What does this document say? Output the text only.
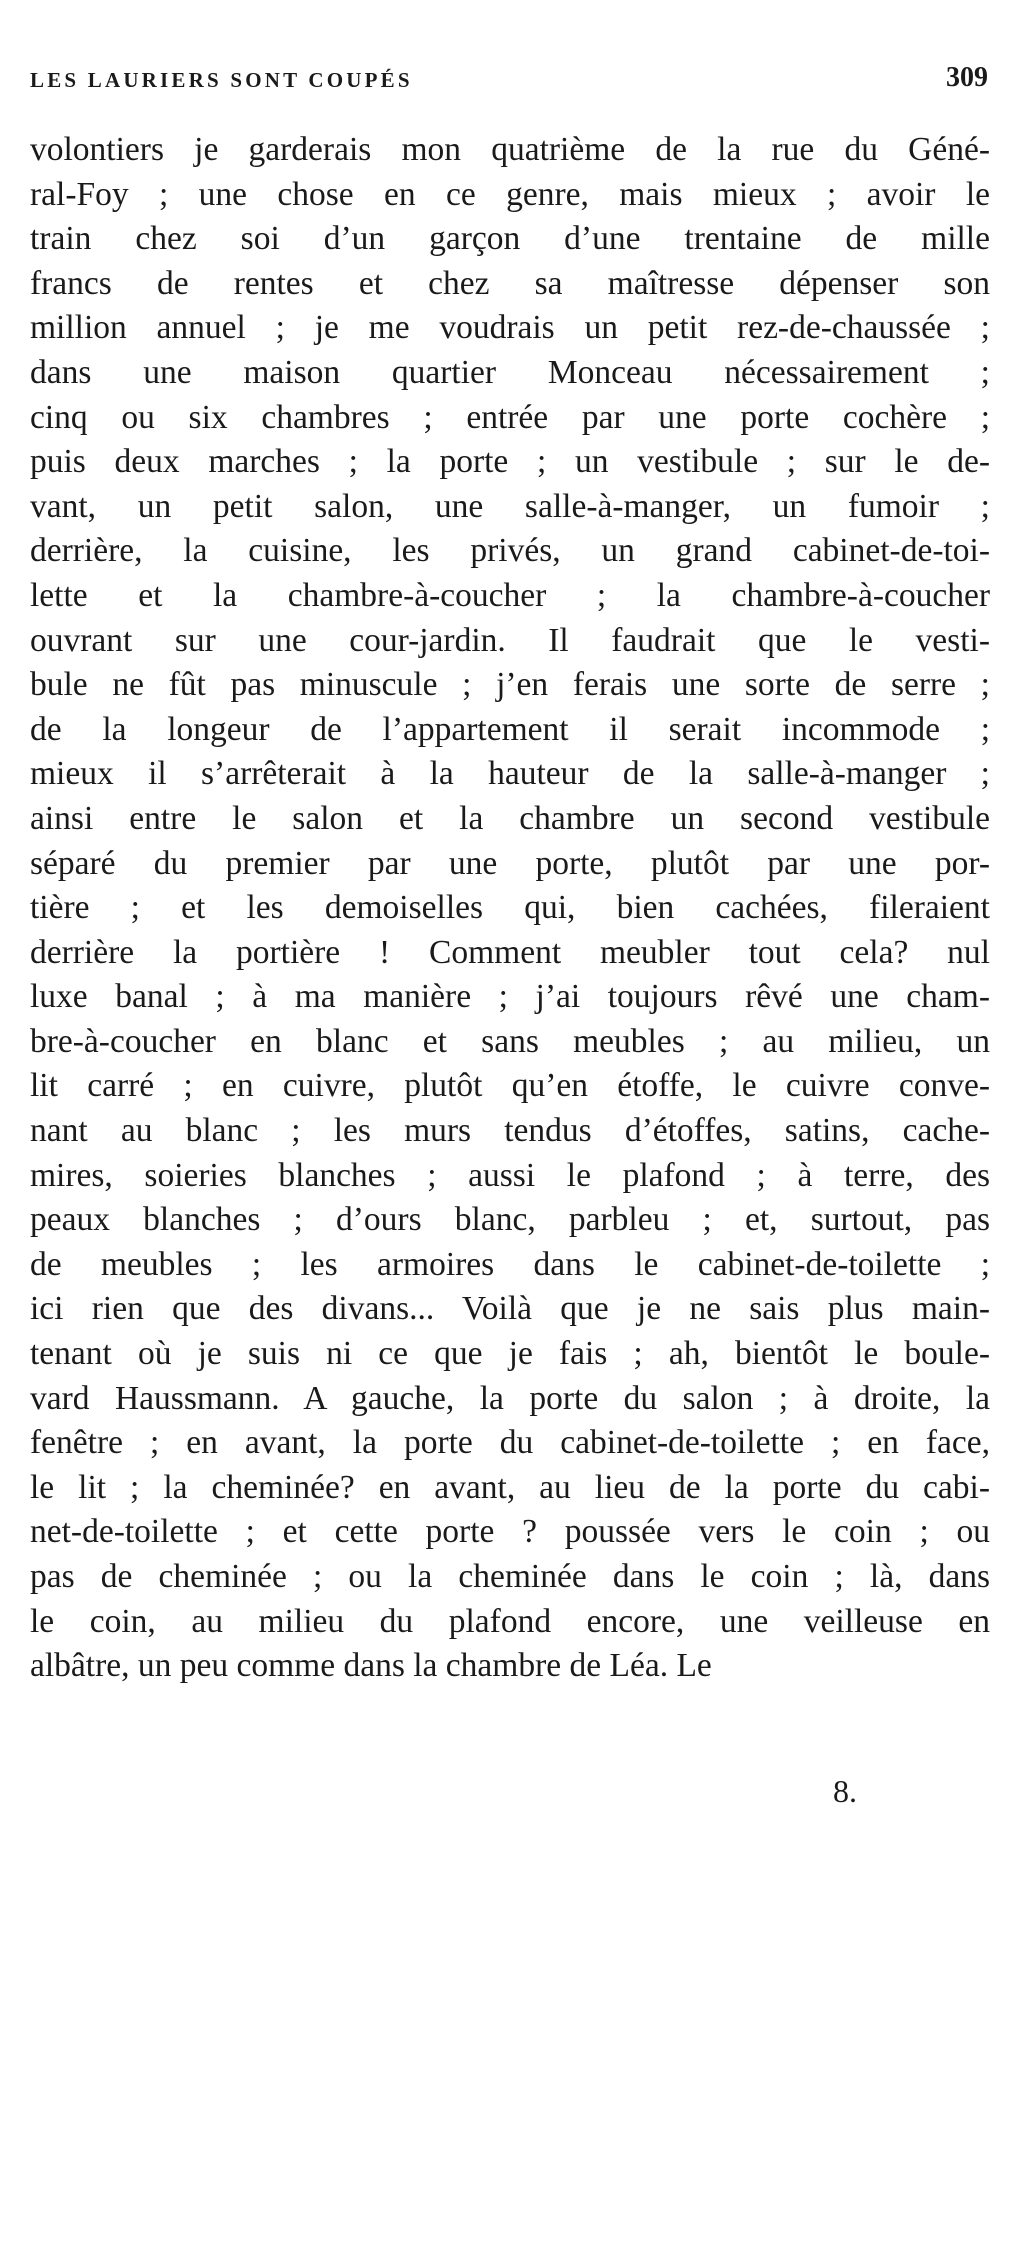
LES LAURIERS SONT COUPÉS	309
volontiers je garderais mon quatrième de la rue du Géné-
ral-Foy ; une chose en ce genre, mais mieux ; avoir le
train chez soi d’un garçon d’une trentaine de mille
francs de rentes et chez sa maîtresse dépenser son
million annuel ; je me voudrais un petit rez-de-chaussée ;
dans une maison quartier Monceau nécessairement ;
cinq ou six chambres ; entrée par une porte cochère ;
puis deux marches ; la porte ; un vestibule ; sur le de-
vant, un petit salon, une salle-à-manger, un fumoir ;
derrière, la cuisine, les privés, un grand cabinet-de-toi-
lette et la chambre-à-coucher ; la chambre-à-coucher
ouvrant sur une cour-jardin. Il faudrait que le vesti-
bule ne fût pas minuscule ; j’en ferais une sorte de serre ;
de la longeur de l’appartement il serait incommode ;
mieux il s’arrêterait à la hauteur de la salle-à-manger ;
ainsi entre le salon et la chambre un second vestibule
séparé du premier par une porte, plutôt par une por-
tière ; et les demoiselles qui, bien cachées, fileraient
derrière la portière ! Comment meubler tout cela? nul
luxe banal ; à ma manière ; j’ai toujours rêvé une cham-
bre-à-coucher en blanc et sans meubles ; au milieu, un
lit carré ; en cuivre, plutôt qu’en étoffe, le cuivre conve-
nant au blanc ; les murs tendus d’étoffes, satins, cache-
mires, soieries blanches ; aussi le plafond ; à terre, des
peaux blanches ; d’ours blanc, parbleu ; et, surtout, pas
de meubles ; les armoires dans le cabinet-de-toilette ;
ici rien que des divans... Voilà que je ne sais plus main-
tenant où je suis ni ce que je fais ; ah, bientôt le boule-
vard Haussmann. A gauche, la porte du salon ; à droite, la
fenêtre ; en avant, la porte du cabinet-de-toilette ; en face,
le lit ; la cheminée? en avant, au lieu de la porte du cabi-
net-de-toilette ; et cette porte ? poussée vers le coin ; ou
pas de cheminée ; ou la cheminée dans le coin ; là, dans
le coin, au milieu du plafond encore, une veilleuse en
albâtre, un peu comme dans la chambre de Léa. Le
8.
